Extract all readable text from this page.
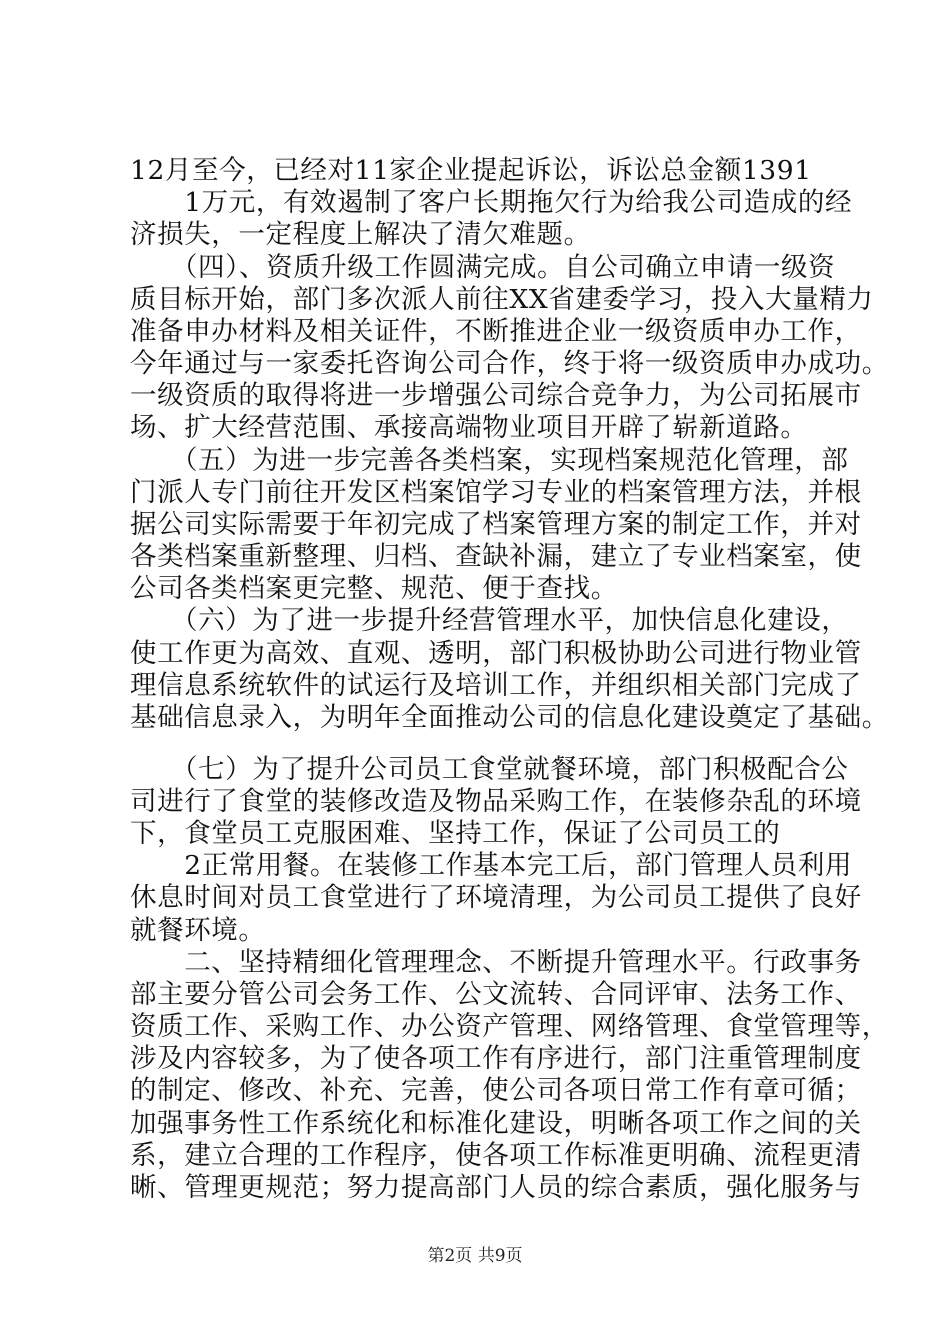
12月至今，已经对11家企业提起诉讼，诉讼总金额1391
　　1万元，有效遏制了客户长期拖欠行为给我公司造成的经
济损失，一定程度上解决了清欠难题。
　　（四）、资质升级工作圆满完成。自公司确立申请一级资
质目标开始，部门多次派人前往XX省建委学习，投入大量精力
准备申办材料及相关证件，不断推进企业一级资质申办工作，
今年通过与一家委托咨询公司合作，终于将一级资质申办成功。
一级资质的取得将进一步增强公司综合竞争力，为公司拓展市
场、扩大经营范围、承接高端物业项目开辟了崭新道路。
　　（五）为进一步完善各类档案，实现档案规范化管理，部
门派人专门前往开发区档案馆学习专业的档案管理方法，并根
据公司实际需要于年初完成了档案管理方案的制定工作，并对
各类档案重新整理、归档、查缺补漏，建立了专业档案室，使
公司各类档案更完整、规范、便于查找。
　　（六）为了进一步提升经营管理水平，加快信息化建设，
使工作更为高效、直观、透明，部门积极协助公司进行物业管
理信息系统软件的试运行及培训工作，并组织相关部门完成了
基础信息录入，为明年全面推动公司的信息化建设奠定了基础。
　　（七）为了提升公司员工食堂就餐环境，部门积极配合公
司进行了食堂的装修改造及物品采购工作，在装修杂乱的环境
下，食堂员工克服困难、坚持工作，保证了公司员工的
　　2正常用餐。在装修工作基本完工后，部门管理人员利用
休息时间对员工食堂进行了环境清理，为公司员工提供了良好
就餐环境。
　　二、坚持精细化管理理念、不断提升管理水平。行政事务
部主要分管公司会务工作、公文流转、合同评审、法务工作、
资质工作、采购工作、办公资产管理、网络管理、食堂管理等，
涉及内容较多，为了使各项工作有序进行，部门注重管理制度
的制定、修改、补充、完善，使公司各项日常工作有章可循；
加强事务性工作系统化和标准化建设，明晰各项工作之间的关
系，建立合理的工作程序，使各项工作标准更明确、流程更清
晰、管理更规范；努力提高部门人员的综合素质，强化服务与
第2页 共9页
